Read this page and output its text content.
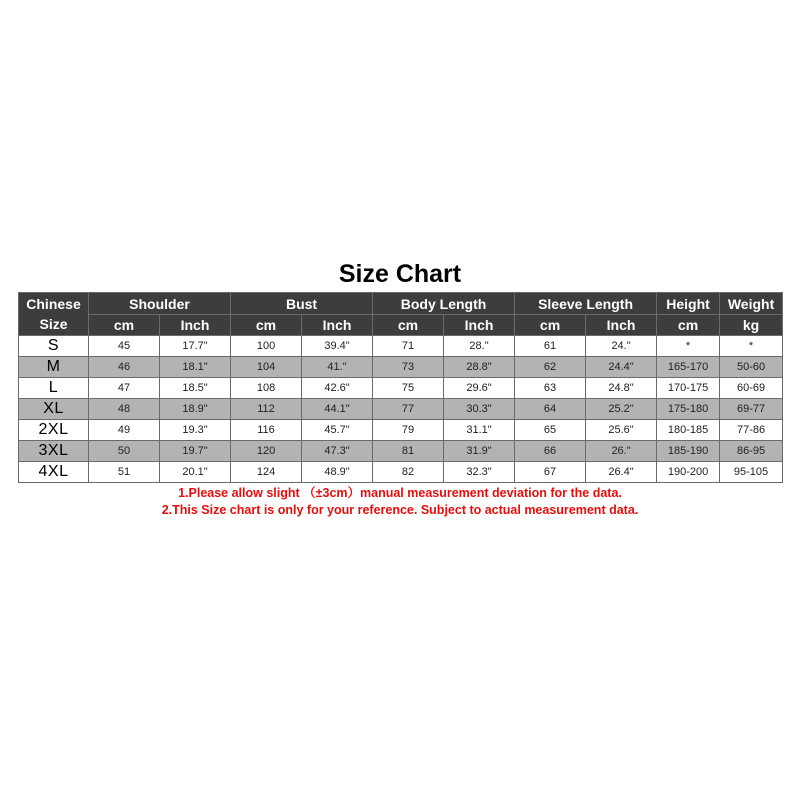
Size Chart
Chinese
Size	Shoulder		Bust		Body Length		Sleeve Length		Height	Weight
	cm	Inch	cm	Inch	cm	Inch	cm	Inch	cm	kg
S	45	17.7"	100	39.4"	71	28."	61	24."	*	*
M	46	18.1"	104	41."	73	28.8"	62	24.4"	165-170	50-60
L	47	18.5"	108	42.6"	75	29.6"	63	24.8"	170-175	60-69
XL	48	18.9"	112	44.1"	77	30.3"	64	25.2"	175-180	69-77
2XL	49	19.3"	116	45.7"	79	31.1"	65	25.6"	180-185	77-86
3XL	50	19.7"	120	47.3"	81	31.9"	66	26."	185-190	86-95
4XL	51	20.1"	124	48.9"	82	32.3"	67	26.4"	190-200	95-105
1.Please allow slight （±3cm）manual measurement deviation for the data.
2.This Size chart is only for your reference. Subject to actual measurement data.
